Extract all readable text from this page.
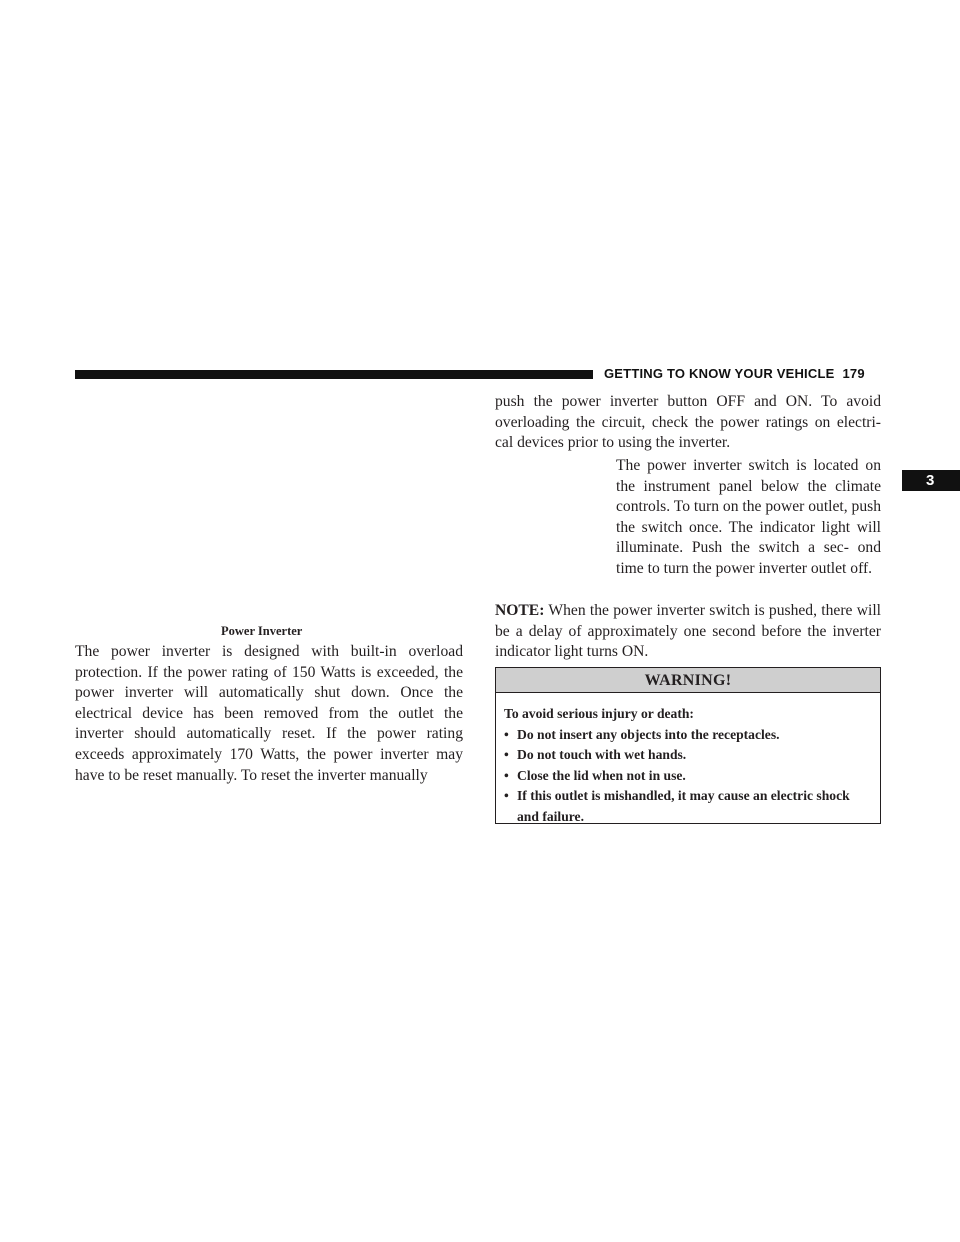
GETTING TO KNOW YOUR VEHICLE 179
3
Power Inverter

The power inverter is designed with built-in overload protection. If the power rating of 150 Watts is exceeded, the power inverter will automatically shut down. Once the electrical device has been removed from the outlet the inverter should automatically reset. If the power rating exceeds approximately 170 Watts, the power inverter may have to be reset manually. To reset the inverter manually

push the power inverter button OFF and ON. To avoid overloading the circuit, check the power ratings on electri- cal devices prior to using the inverter.

The power inverter switch is located on the instrument panel below the climate controls. To turn on the power outlet, push the switch once. The indicator light will illuminate. Push the switch a sec- ond time to turn the power inverter outlet off.

NOTE: When the power inverter switch is pushed, there will be a delay of approximately one second before the inverter indicator light turns ON.

WARNING!
To avoid serious injury or death:
• Do not insert any objects into the receptacles.
• Do not touch with wet hands.
• Close the lid when not in use.
• If this outlet is mishandled, it may cause an electric shock and failure.
